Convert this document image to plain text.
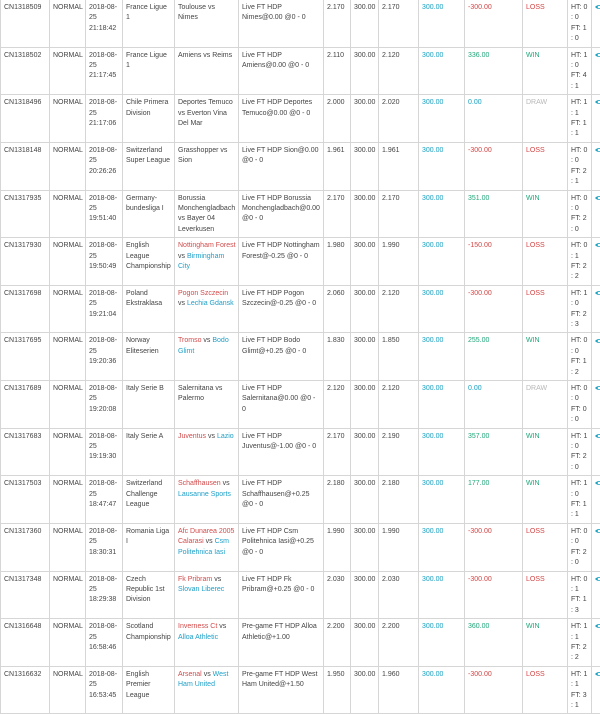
CN1318509	NORMAL	2018-08-25 21:18:42	France Ligue 1	Toulouse vs Nimes	Live FT HDP Nimes@0.00 @0 - 0	2.170	300.00	2.170	300.00	-300.00	LOSS	HT: 0 : 0 FT: 1 : 0	

CN1318502	NORMAL	2018-08-25 21:17:45	France Ligue 1	Amiens vs Reims	Live FT HDP Amiens@0.00 @0 - 0	2.110	300.00	2.120	300.00	336.00	WIN	HT: 1 : 0 FT: 4 : 1	

CN1318496	NORMAL	2018-08-25 21:17:06	Chile Primera Division	Deportes Temuco vs Everton Vina Del Mar	Live FT HDP Deportes Temuco@0.00 @0 - 0	2.000	300.00	2.020	300.00	0.00	DRAW	HT: 1 : 1 FT: 1 : 1	

CN1318148	NORMAL	2018-08-25 20:26:26	Switzerland Super League	Grasshopper vs Sion	Live FT HDP Sion@0.00 @0 - 0	1.961	300.00	1.961	300.00	-300.00	LOSS	HT: 0 : 0 FT: 2 : 1	

CN1317935	NORMAL	2018-08-25 19:51:40	Germany-bundesliga I	Borussia Monchengladbach vs Bayer 04 Leverkusen	Live FT HDP Borussia Monchengladbach@0.00 @0 - 0	2.170	300.00	2.170	300.00	351.00	WIN	HT: 0 : 0 FT: 2 : 0	

CN1317930	NORMAL	2018-08-25 19:50:49	English League Championship	Nottingham Forest vs Birmingham City	Live FT HDP Nottingham Forest@-0.25 @0 - 0	1.980	300.00	1.990	300.00	-150.00	LOSS	HT: 0 : 1 FT: 2 : 2	

CN1317698	NORMAL	2018-08-25 19:21:04	Poland Ekstraklasa	Pogon Szczecin vs Lechia Gdansk	Live FT HDP Pogon Szczecin@-0.25 @0 - 0	2.060	300.00	2.120	300.00	-300.00	LOSS	HT: 1 : 0 FT: 2 : 3	

CN1317695	NORMAL	2018-08-25 19:20:36	Norway Eliteserien	Tromso vs Bodo Glimt	Live FT HDP Bodo Glimt@+0.25 @0 - 0	1.830	300.00	1.850	300.00	255.00	WIN	HT: 0 : 0 FT: 1 : 2	

CN1317689	NORMAL	2018-08-25 19:20:08	Italy Serie B	Salernitana vs Palermo	Live FT HDP Salernitana@0.00 @0 - 0	2.120	300.00	2.120	300.00	0.00	DRAW	HT: 0 : 0 FT: 0 : 0	

CN1317683	NORMAL	2018-08-25 19:19:30	Italy Serie A	Juventus vs Lazio	Live FT HDP Juventus@-1.00 @0 - 0	2.170	300.00	2.190	300.00	357.00	WIN	HT: 1 : 0 FT: 2 : 0	

CN1317503	NORMAL	2018-08-25 18:47:47	Switzerland Challenge League	Schaffhausen vs Lausanne Sports	Live FT HDP Schaffhausen@+0.25 @0 - 0	2.180	300.00	2.180	300.00	177.00	WIN	HT: 1 : 0 FT: 1 : 1	

CN1317360	NORMAL	2018-08-25 18:30:31	Romania Liga I	Afc Dunarea 2005 Calarasi vs Csm Politehnica Iasi	Live FT HDP Csm Politehnica Iasi@+0.25 @0 - 0	1.990	300.00	1.990	300.00	-300.00	LOSS	HT: 0 : 0 FT: 2 : 0	

CN1317348	NORMAL	2018-08-25 18:29:38	Czech Republic 1st Division	Fk Pribram vs Slovan Liberec	Live FT HDP Fk Pribram@+0.25 @0 - 0	2.030	300.00	2.030	300.00	-300.00	LOSS	HT: 0 : 1 FT: 1 : 3	

CN1316648	NORMAL	2018-08-25 16:58:46	Scotland Championship	Inverness Ct vs Alloa Athletic	Pre-game FT HDP Alloa Athletic@+1.00	2.200	300.00	2.200	300.00	360.00	WIN	HT: 1 : 1 FT: 2 : 2	

CN1316632	NORMAL	2018-08-25 16:53:45	English Premier League	Arsenal vs West Ham United	Pre-game FT HDP West Ham United@+1.50	1.950	300.00	1.960	300.00	-300.00	LOSS	HT: 1 : 1 FT: 3 : 1	
